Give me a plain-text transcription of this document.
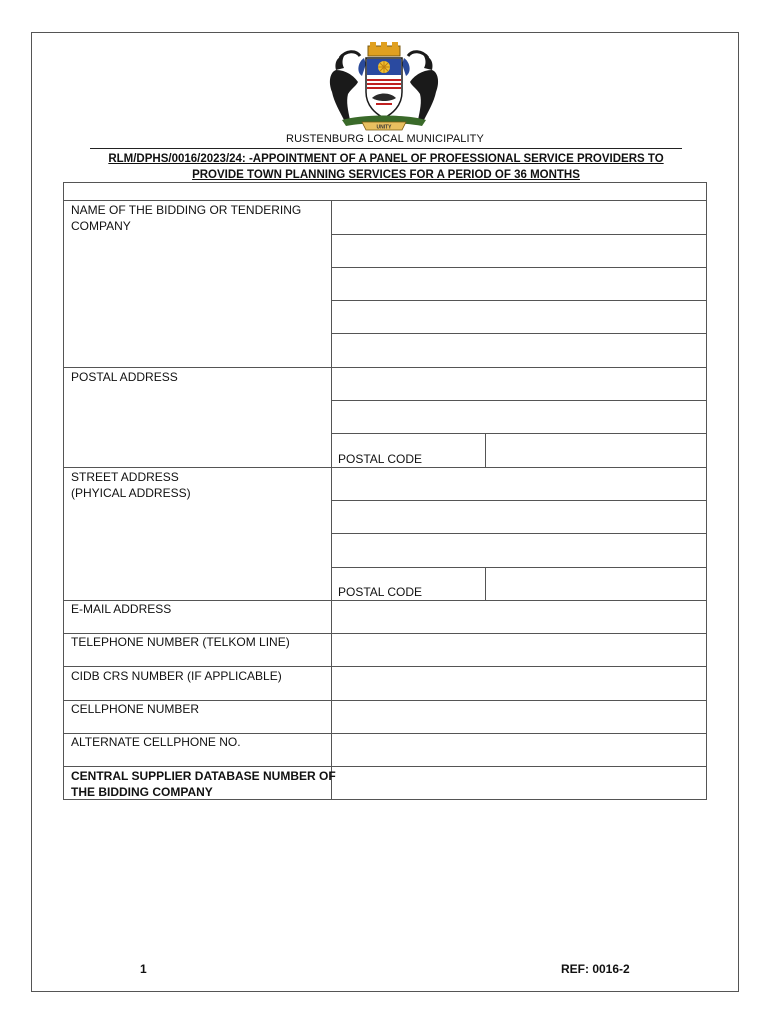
UNITY
RUSTENBURG LOCAL MUNICIPALITY
RLM/DPHS/0016/2023/24: -APPOINTMENT OF A PANEL OF PROFESSIONAL SERVICE PROVIDERS TO
PROVIDE TOWN PLANNING SERVICES FOR A PERIOD OF 36 MONTHS
NAME OF THE BIDDING OR TENDERING
COMPANY
POSTAL ADDRESS
POSTAL CODE
STREET ADDRESS
(PHYICAL ADDRESS)
POSTAL CODE
E-MAIL ADDRESS
TELEPHONE NUMBER (TELKOM LINE)
CIDB CRS NUMBER (IF APPLICABLE)
CELLPHONE NUMBER
ALTERNATE CELLPHONE NO.
CENTRAL SUPPLIER DATABASE NUMBER OF
THE BIDDING COMPANY
1	REF: 0016-2
